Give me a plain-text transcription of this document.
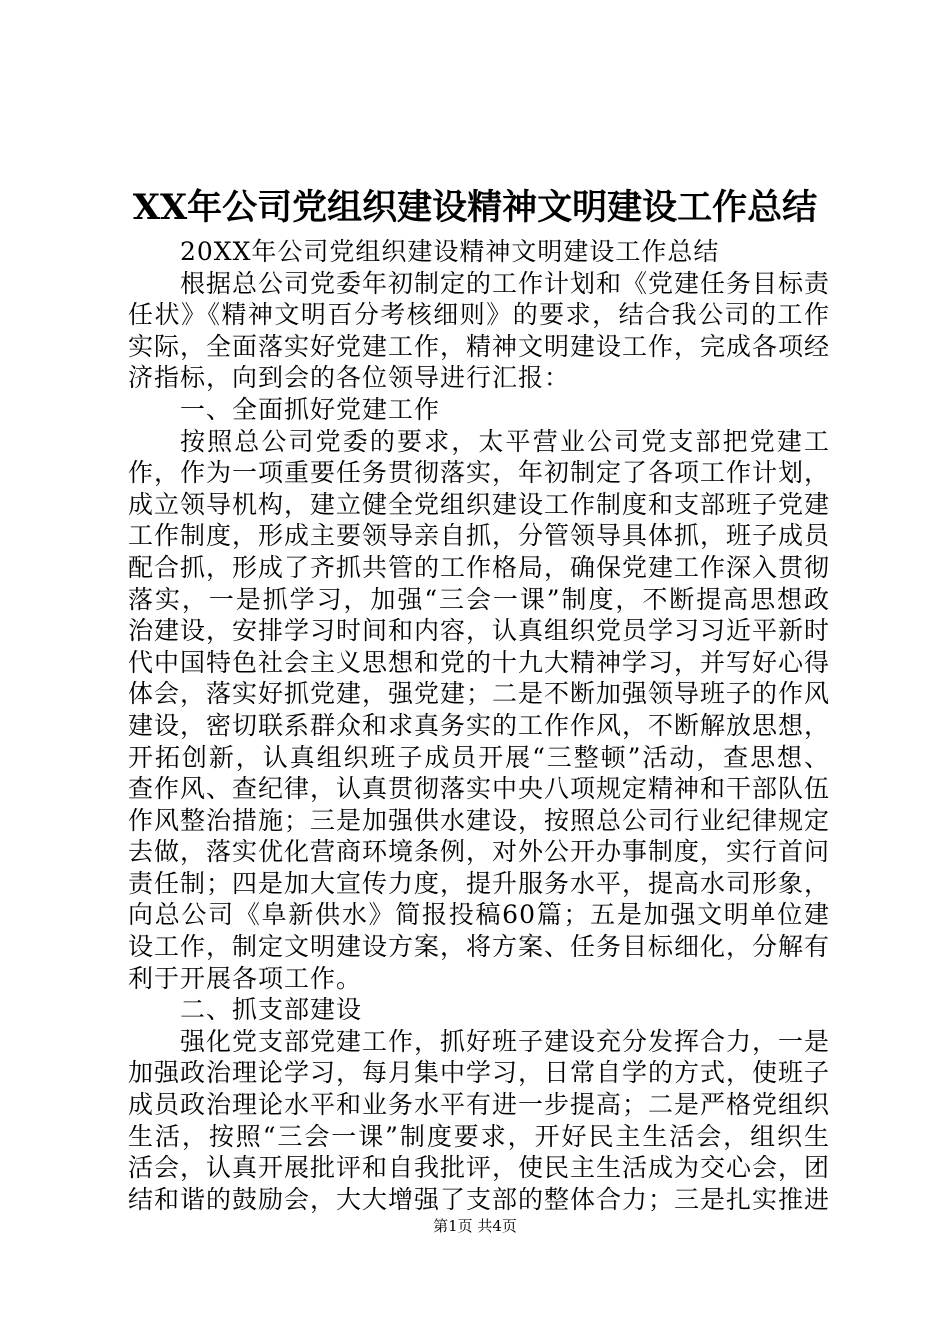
XX年公司党组织建设精神文明建设工作总结

20XX年公司党组织建设精神文明建设工作总结

根据总公司党委年初制定的工作计划和《党建任务目标责任状》《精神文明百分考核细则》的要求，结合我公司的工作实际，全面落实好党建工作，精神文明建设工作，完成各项经济指标，向到会的各位领导进行汇报：

一、全面抓好党建工作

按照总公司党委的要求，太平营业公司党支部把党建工作，作为一项重要任务贯彻落实，年初制定了各项工作计划，成立领导机构，建立健全党组织建设工作制度和支部班子党建工作制度，形成主要领导亲自抓，分管领导具体抓，班子成员配合抓，形成了齐抓共管的工作格局，确保党建工作深入贯彻落实，一是抓学习，加强“三会一课”制度，不断提高思想政治建设，安排学习时间和内容，认真组织党员学习习近平新时代中国特色社会主义思想和党的十九大精神学习，并写好心得体会，落实好抓党建，强党建；二是不断加强领导班子的作风建设，密切联系群众和求真务实的工作作风，不断解放思想，开拓创新，认真组织班子成员开展“三整顿”活动，查思想、查作风、查纪律，认真贯彻落实中央八项规定精神和干部队伍作风整治措施；三是加强供水建设，按照总公司行业纪律规定去做，落实优化营商环境条例，对外公开办事制度，实行首问责任制；四是加大宣传力度，提升服务水平，提高水司形象，向总公司《阜新供水》简报投稿60篇；五是加强文明单位建设工作，制定文明建设方案，将方案、任务目标细化，分解有利于开展各项工作。

二、抓支部建设

强化党支部党建工作，抓好班子建设充分发挥合力，一是加强政治理论学习，每月集中学习，日常自学的方式，使班子成员政治理论水平和业务水平有进一步提高；二是严格党组织生活，按照“三会一课”制度要求，开好民主生活会，组织生活会，认真开展批评和自我批评，使民主生活成为交心会，团结和谐的鼓励会，大大增强了支部的整体合力；三是扎实推进

第1页 共4页
